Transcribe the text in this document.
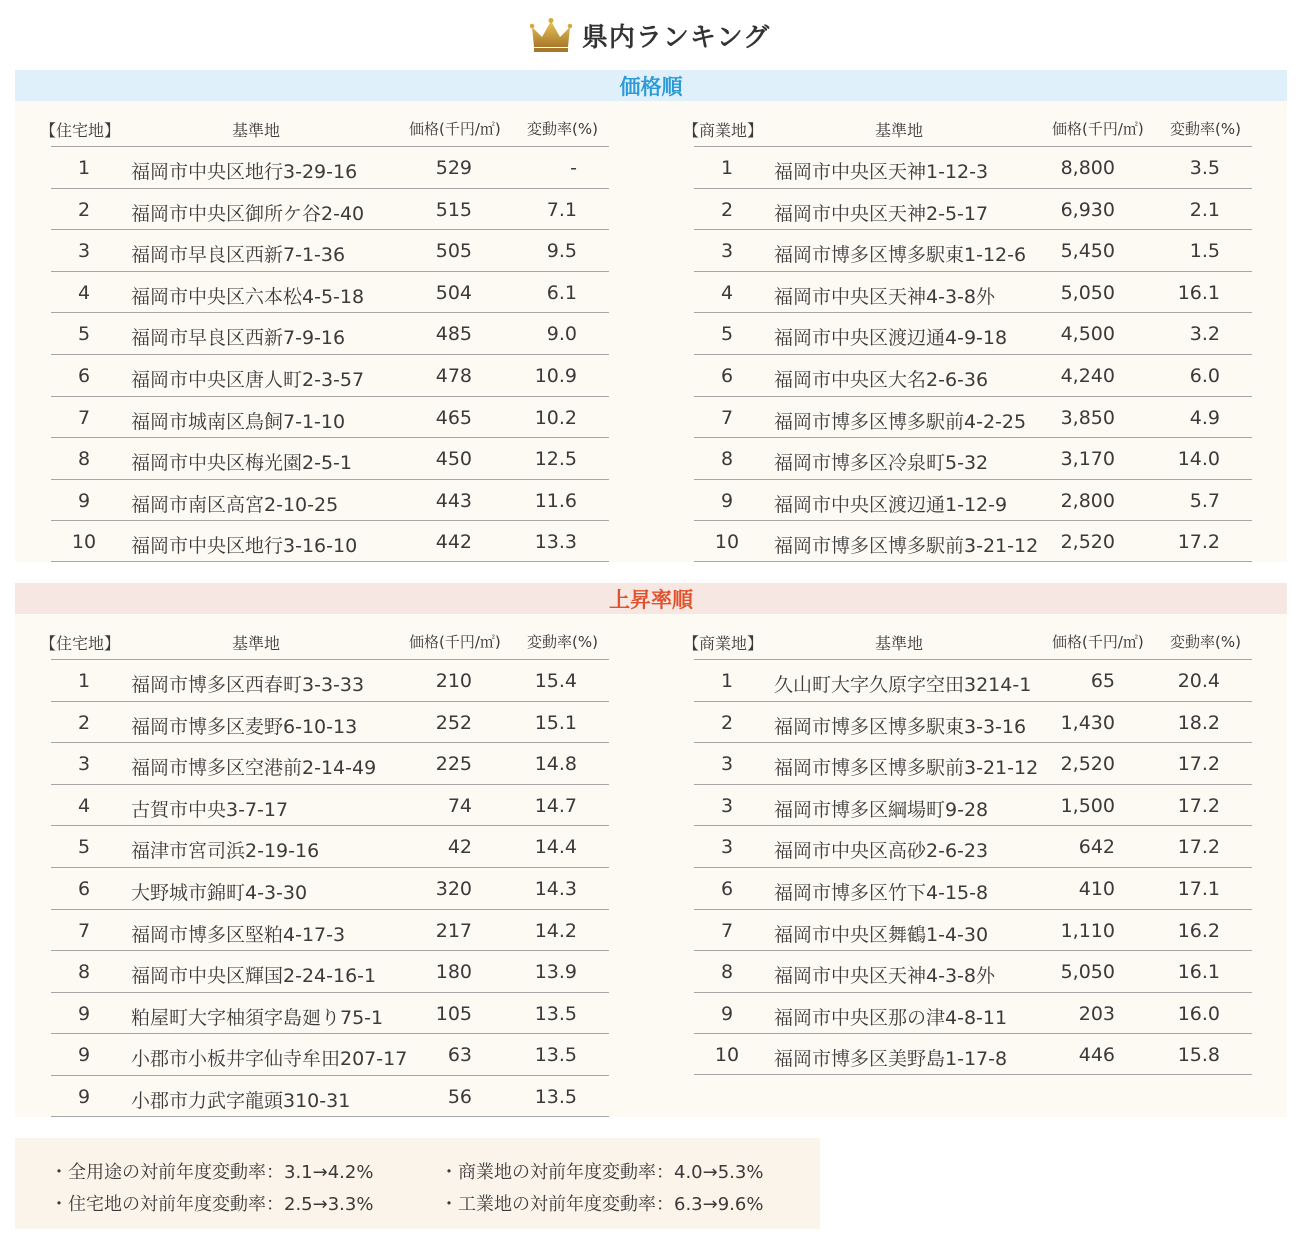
県内ランキング
価格順
【住宅地】	基準地	価格(千円/㎡) 変動率(%)
1	福岡市中央区地行3-29-16	529	-
2	福岡市中央区御所ケ谷2-40	515	7.1
3	福岡市早良区西新7-1-36	505	9.5
4	福岡市中央区六本松4-5-18	504	6.1
5	福岡市早良区西新7-9-16	485	9.0
6	福岡市中央区唐人町2-3-57	478	10.9
7	福岡市城南区鳥飼7-1-10	465	10.2
8	福岡市中央区梅光園2-5-1	450	12.5
9	福岡市南区高宮2-10-25	443	11.6
10	福岡市中央区地行3-16-10	442	13.3
【商業地】	基準地	価格(千円/㎡) 変動率(%)
1	福岡市中央区天神1-12-3	8,800	3.5
2	福岡市中央区天神2-5-17	6,930	2.1
3	福岡市博多区博多駅東1-12-6 5,450	1.5
4	福岡市中央区天神4-3-8外	5,050	16.1
5	福岡市中央区渡辺通4-9-18	4,500	3.2
6	福岡市中央区大名2-6-36	4,240	6.0
7	福岡市博多区博多駅前4-2-25 3,850	4.9
8	福岡市博多区冷泉町5-32	3,170	14.0
9	福岡市中央区渡辺通1-12-9	2,800	5.7
10	福岡市博多区博多駅前3-21-12 2,520	17.2
上昇率順
【住宅地】	基準地	価格(千円/㎡) 変動率(%)
1	福岡市博多区西春町3-3-33	210	15.4
2	福岡市博多区麦野6-10-13	252	15.1
3	福岡市博多区空港前2-14-49	225	14.8
4	古賀市中央3-7-17	74	14.7
5	福津市宮司浜2-19-16	42	14.4
6	大野城市錦町4-3-30	320	14.3
7	福岡市博多区堅粕4-17-3	217	14.2
8	福岡市中央区輝国2-24-16-1	180	13.9
9	粕屋町大字柚須字島廻り75-1	105	13.5
9	小郡市小板井字仙寺牟田207-17 63	13.5
9	小郡市力武字龍頭310-31	56	13.5
【商業地】	基準地	価格(千円/㎡) 変動率(%)
1	久山町大字久原字空田3214-1	65	20.4
2	福岡市博多区博多駅東3-3-16 1,430	18.2
3	福岡市博多区博多駅前3-21-12 2,520	17.2
3	福岡市博多区綱場町9-28	1,500	17.2
3	福岡市中央区高砂2-6-23	642	17.2
6	福岡市博多区竹下4-15-8	410	17.1
7	福岡市中央区舞鶴1-4-30	1,110	16.2
8	福岡市中央区天神4-3-8外	5,050	16.1
9	福岡市中央区那の津4-8-11	203	16.0
10	福岡市博多区美野島1-17-8	446	15.8
・全用途の対前年度変動率：3.1→4.2%	・商業地の対前年度変動率：4.0→5.3%
・住宅地の対前年度変動率：2.5→3.3%	・工業地の対前年度変動率：6.3→9.6%
